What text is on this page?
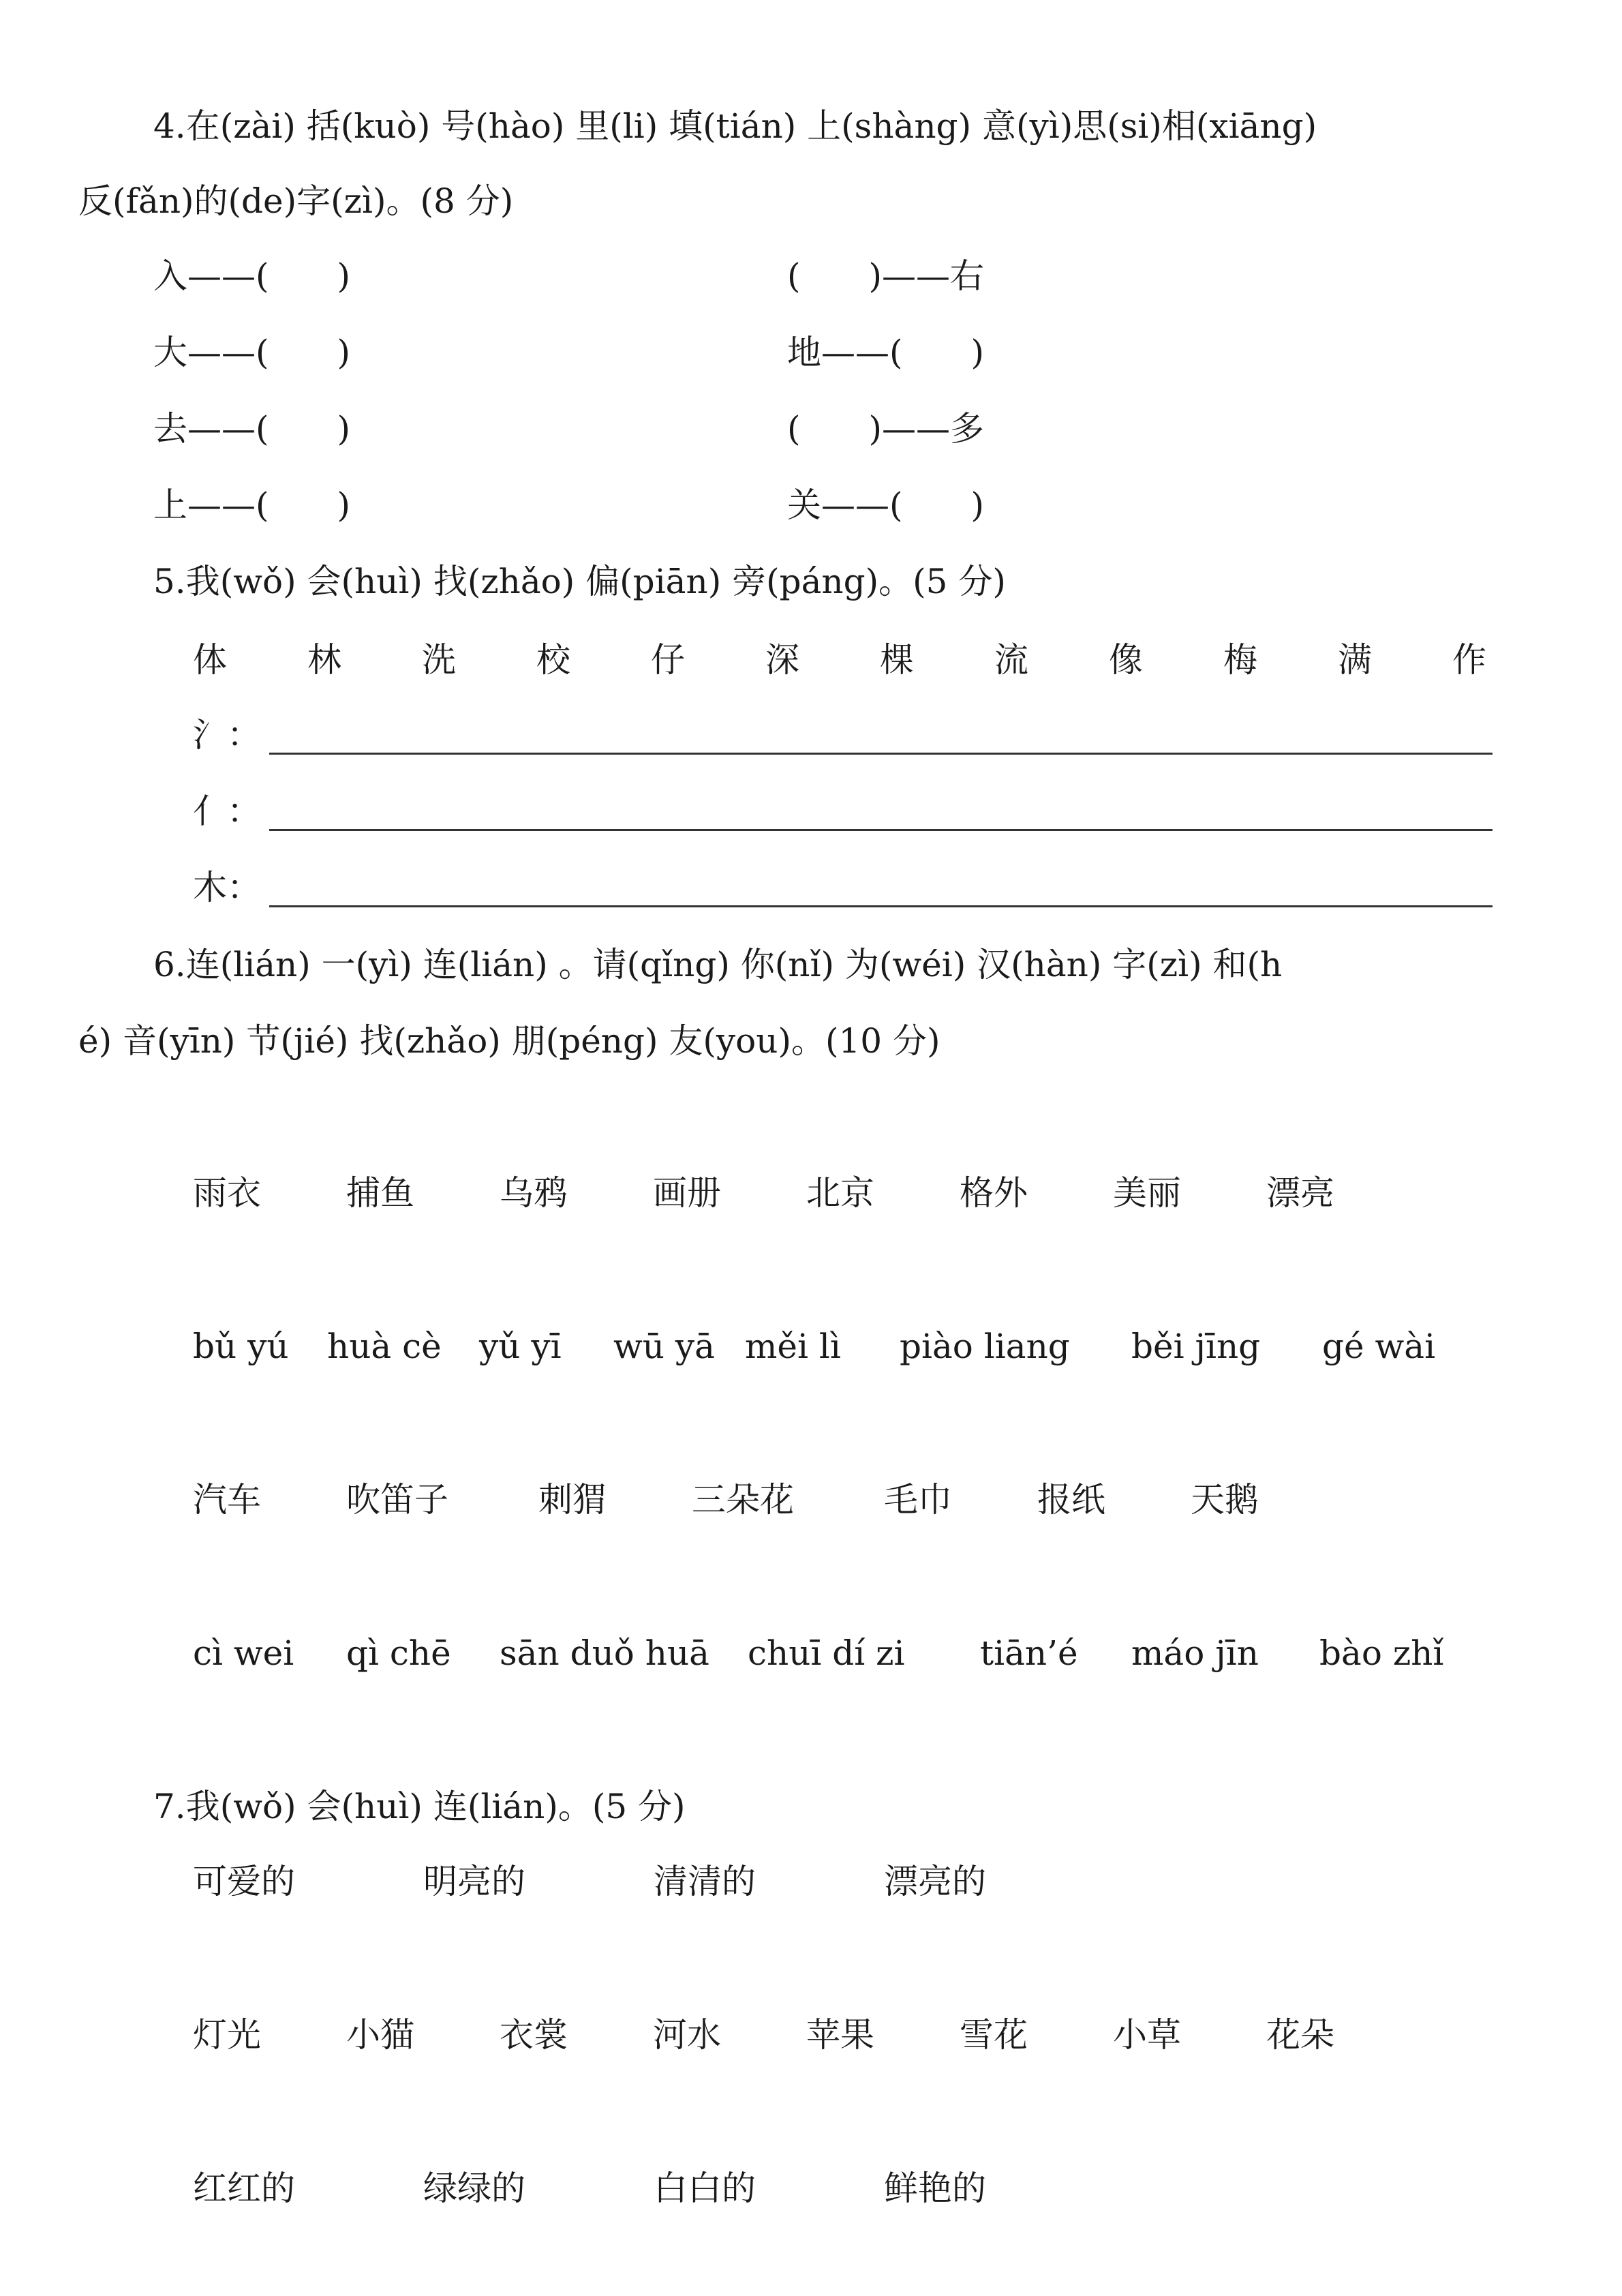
4.在(zài) 括(kuò) 号(hào) 里(li) 填(tián) 上(shàng) 意(yì)思(si)相(xiāng)
反(fǎn)的(de)字(zì)。(8 分)
入——(　　)	(　　)——右
大——(　　)	地——(　　)
去——(　　)	(　　)——多
上——(　　)	关——(　　)
5.我(wǒ) 会(huì) 找(zhǎo) 偏(piān) 旁(páng)。(5 分)
体 林 洗 校 仔 深 棵 流 像 梅 满 作
氵：
亻：
木：
6.连(lián) 一(yì) 连(lián) 。请(qǐng) 你(nǐ) 为(wéi) 汉(hàn) 字(zì) 和(h
é) 音(yīn) 节(jié) 找(zhǎo) 朋(péng) 友(you)。(10 分)
雨衣	捕鱼	乌鸦	画册	北京	格外	美丽	漂亮
bǔ yú huà cè yǔ yī wū yā měi lì piào liang běi jīng gé wài
汽车	吹笛子	刺猬	三朵花	毛巾	报纸	天鹅
cì wei qì chē sān duǒ huā chuī dí zi tiān’é máo jīn bào zhǐ
7.我(wǒ) 会(huì) 连(lián)。(5 分)
可爱的	明亮的	清清的	漂亮的
灯光	小猫	衣裳	河水	苹果	雪花	小草	花朵
红红的	绿绿的	白白的	鲜艳的
